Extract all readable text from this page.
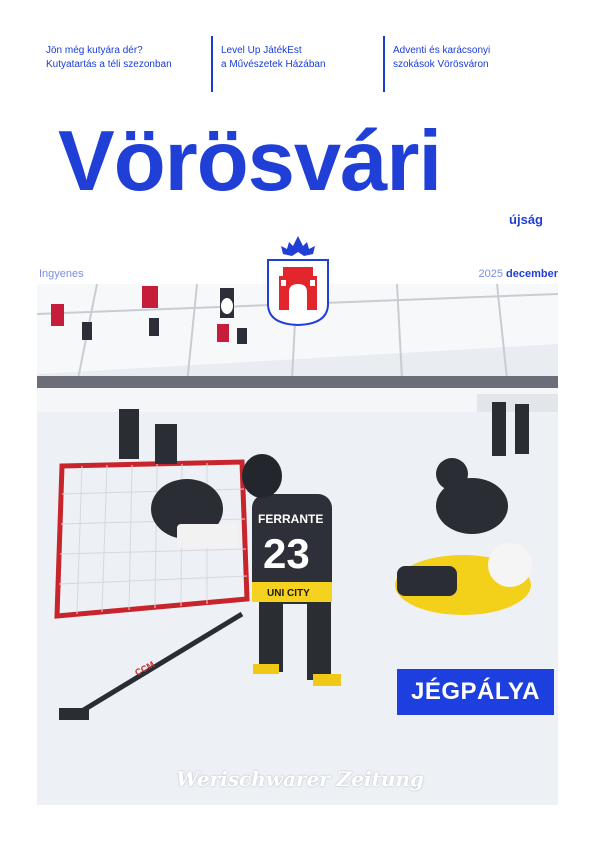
Jön még kutyára dér?
Kutyatartás a téli szezonban
Level Up JátékEst
a Művészetek Házában
Adventi és karácsonyi
szokások Vörösváron
Vörösvári
újság
Ingyenes	2025 december
FERRANTE
23
UNI CITY
CCM
Werischwarer Zeitung
JÉGPÁLYA
